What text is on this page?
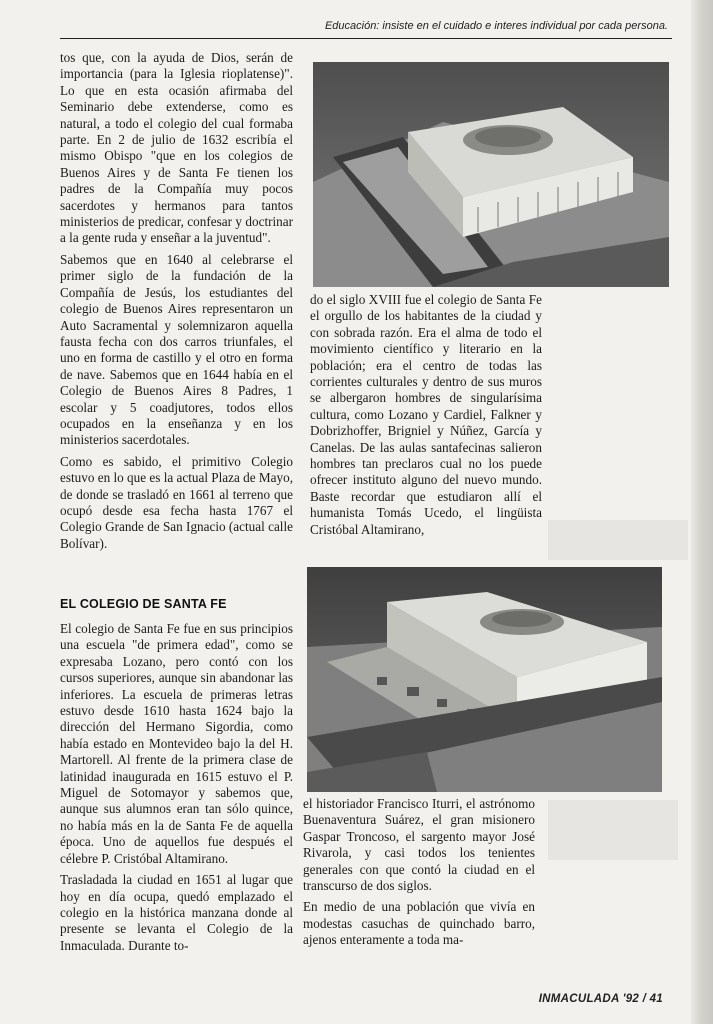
Educación: insiste en el cuidado e interes individual por cada persona.

tos que, con la ayuda de Dios, serán de importancia (para la Iglesia rioplatense)". Lo que en esta ocasión afirmaba del Seminario debe extenderse, como es natural, a todo el colegio del cual formaba parte. En 2 de julio de 1632 escribía el mismo Obispo "que en los colegios de Buenos Aires y de Santa Fe tienen los padres de la Compañía muy pocos sacerdotes y hermanos para tantos ministerios de predicar, confesar y doctrinar a la gente ruda y enseñar a la juventud".

Sabemos que en 1640 al celebrarse el primer siglo de la fundación de la Compañía de Jesús, los estudiantes del colegio de Buenos Aires representaron un Auto Sacramental y solemnizaron aquella fausta fecha con dos carros triunfales, el uno en forma de castillo y el otro en forma de nave. Sabemos que en 1644 había en el Colegio de Buenos Aires 8 Padres, 1 escolar y 5 coadjutores, todos ellos ocupados en la enseñanza y en los ministerios sacerdotales.

Como es sabido, el primitivo Colegio estuvo en lo que es la actual Plaza de Mayo, de donde se trasladó en 1661 al terreno que ocupó desde esa fecha hasta 1767 el Colegio Grande de San Ignacio (actual calle Bolívar).

EL COLEGIO DE SANTA FE

El colegio de Santa Fe fue en sus principios una escuela "de primera edad", como se expresaba Lozano, pero contó con los cursos superiores, aunque sin abandonar las inferiores. La escuela de primeras letras estuvo desde 1610 hasta 1624 bajo la dirección del Hermano Sigordia, como había estado en Montevideo bajo la del H. Martorell. Al frente de la primera clase de latinidad inaugurada en 1615 estuvo el P. Miguel de Sotomayor y sabemos que, aunque sus alumnos eran tan sólo quince, no había más en la de Santa Fe de aquella época. Uno de aquellos fue después el célebre P. Cristóbal Altamirano.

Trasladada la ciudad en 1651 al lugar que hoy en día ocupa, quedó emplazado el colegio en la histórica manzana donde al presente se levanta el Colegio de la Inmaculada. Durante to-

do el siglo XVIII fue el colegio de Santa Fe el orgullo de los habitantes de la ciudad y con sobrada razón. Era el alma de todo el movimiento científico y literario en la población; era el centro de todas las corrientes culturales y dentro de sus muros se albergaron hombres de singularísima cultura, como Lozano y Cardiel, Falkner y Dobrizhoffer, Brigniel y Núñez, García y Canelas. De las aulas santafecinas salieron hombres tan preclaros cual no los puede ofrecer instituto alguno del nuevo mundo. Baste recordar que estudiaron allí el humanista Tomás Ucedo, el lingüista Cristóbal Altamirano,

el historiador Francisco Iturri, el astrónomo Buenaventura Suárez, el gran misionero Gaspar Troncoso, el sargento mayor José Rivarola, y casi todos los tenientes generales con que contó la ciudad en el transcurso de dos siglos.

En medio de una población que vivía en modestas casuchas de quinchado barro, ajenos enteramente a toda ma-

INMACULADA '92 / 41
